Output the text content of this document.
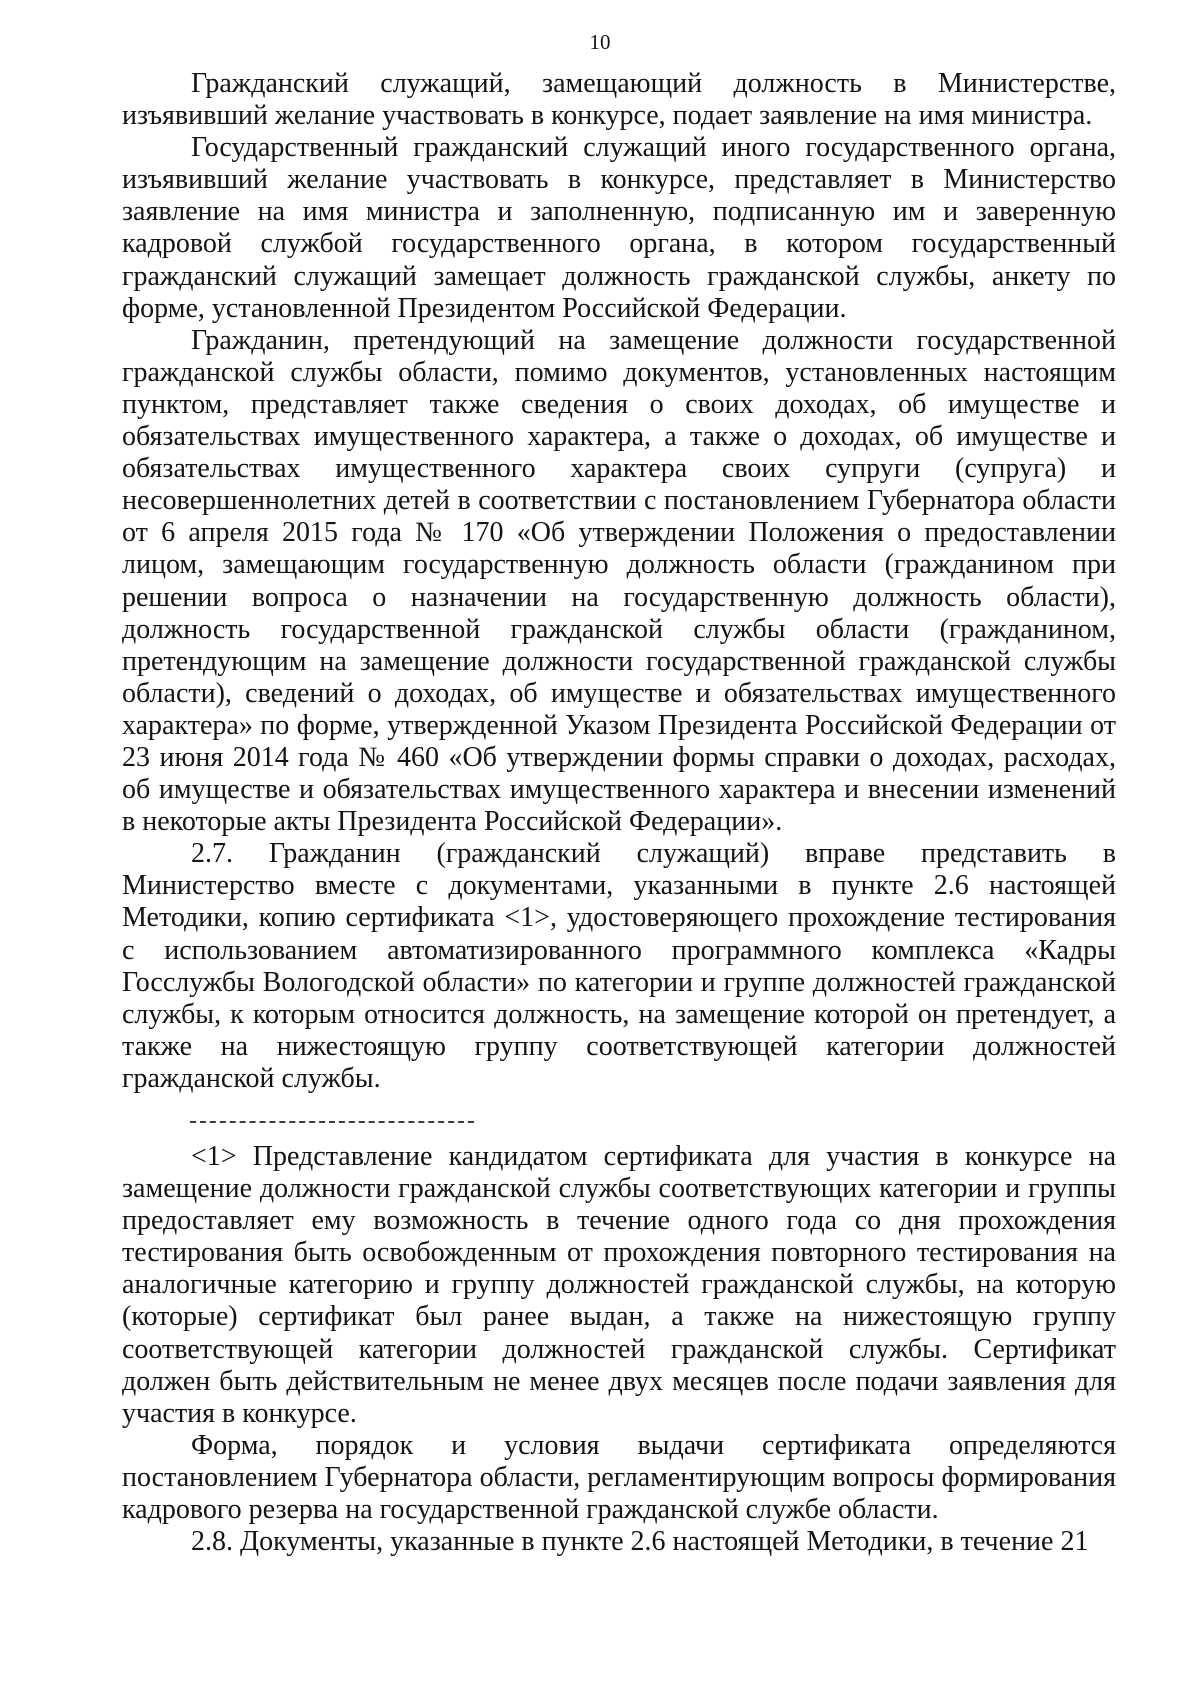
10

Гражданский служащий, замещающий должность в Министерстве, изъявивший желание участвовать в конкурсе, подает заявление на имя министра.

Государственный гражданский служащий иного государственного органа, изъявивший желание участвовать в конкурсе, представляет в Министерство заявление на имя министра и заполненную, подписанную им и заверенную кадровой службой государственного органа, в котором государственный гражданский служащий замещает должность гражданской службы, анкету по форме, установленной Президентом Российской Федерации.

Гражданин, претендующий на замещение должности государственной гражданской службы области, помимо документов, установленных настоящим пунктом, представляет также сведения о своих доходах, об имуществе и обязательствах имущественного характера, а также о доходах, об имуществе и обязательствах имущественного характера своих супруги (супруга) и несовершеннолетних детей в соответствии с постановлением Губернатора области от 6 апреля 2015 года № 170 «Об утверждении Положения о предоставлении лицом, замещающим государственную должность области (гражданином при решении вопроса о назначении на государственную должность области), должность государственной гражданской службы области (гражданином, претендующим на замещение должности государственной гражданской службы области), сведений о доходах, об имуществе и обязательствах имущественного характера» по форме, утвержденной Указом Президента Российской Федерации от 23 июня 2014 года № 460 «Об утверждении формы справки о доходах, расходах, об имуществе и обязательствах имущественного характера и внесении изменений в некоторые акты Президента Российской Федерации».

2.7. Гражданин (гражданский служащий) вправе представить в Министерство вместе с документами, указанными в пункте 2.6 настоящей Методики, копию сертификата <1>, удостоверяющего прохождение тестирования с использованием автоматизированного программного комплекса «Кадры Госслужбы Вологодской области» по категории и группе должностей гражданской службы, к которым относится должность, на замещение которой он претендует, а также на нижестоящую группу соответствующей категории должностей гражданской службы.

<1> Представление кандидатом сертификата для участия в конкурсе на замещение должности гражданской службы соответствующих категории и группы предоставляет ему возможность в течение одного года со дня прохождения тестирования быть освобожденным от прохождения повторного тестирования на аналогичные категорию и группу должностей гражданской службы, на которую (которые) сертификат был ранее выдан, а также на нижестоящую группу соответствующей категории должностей гражданской службы. Сертификат должен быть действительным не менее двух месяцев после подачи заявления для участия в конкурсе.

Форма, порядок и условия выдачи сертификата определяются постановлением Губернатора области, регламентирующим вопросы формирования кадрового резерва на государственной гражданской службе области.

2.8. Документы, указанные в пункте 2.6 настоящей Методики, в течение 21
